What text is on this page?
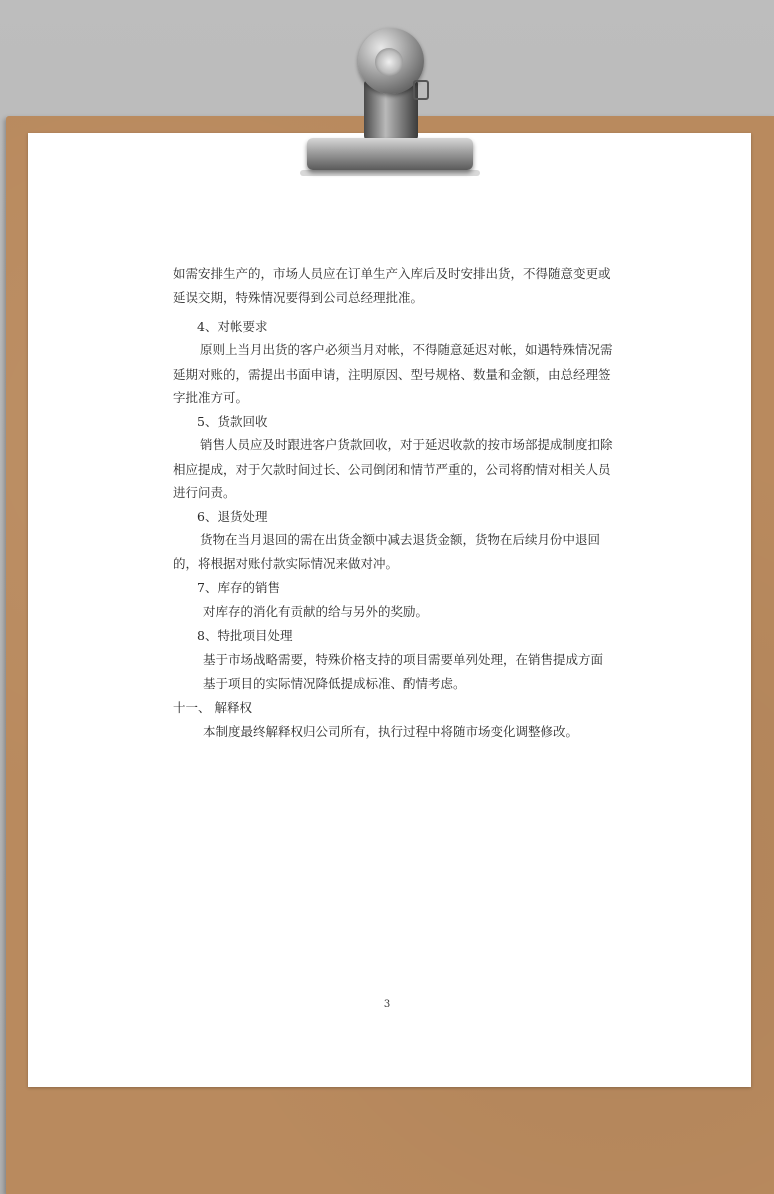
如需安排生产的，市场人员应在订单生产入库后及时安排出货，不得随意变更或
延误交期，特殊情况要得到公司总经理批准。
4、对帐要求
原则上当月出货的客户必须当月对帐，不得随意延迟对帐，如遇特殊情况需
延期对账的，需提出书面申请，注明原因、型号规格、数量和金额，由总经理签
字批准方可。
5、货款回收
销售人员应及时跟进客户货款回收，对于延迟收款的按市场部提成制度扣除
相应提成，对于欠款时间过长、公司倒闭和情节严重的，公司将酌情对相关人员
进行问责。
6、退货处理
货物在当月退回的需在出货金额中减去退货金额，货物在后续月份中退回
的，将根据对账付款实际情况来做对冲。
7、库存的销售
对库存的消化有贡献的给与另外的奖励。
8、特批项目处理
基于市场战略需要，特殊价格支持的项目需要单列处理，在销售提成方面
基于项目的实际情况降低提成标准、酌情考虑。
十一、 解释权
本制度最终解释权归公司所有，执行过程中将随市场变化调整修改。
3
